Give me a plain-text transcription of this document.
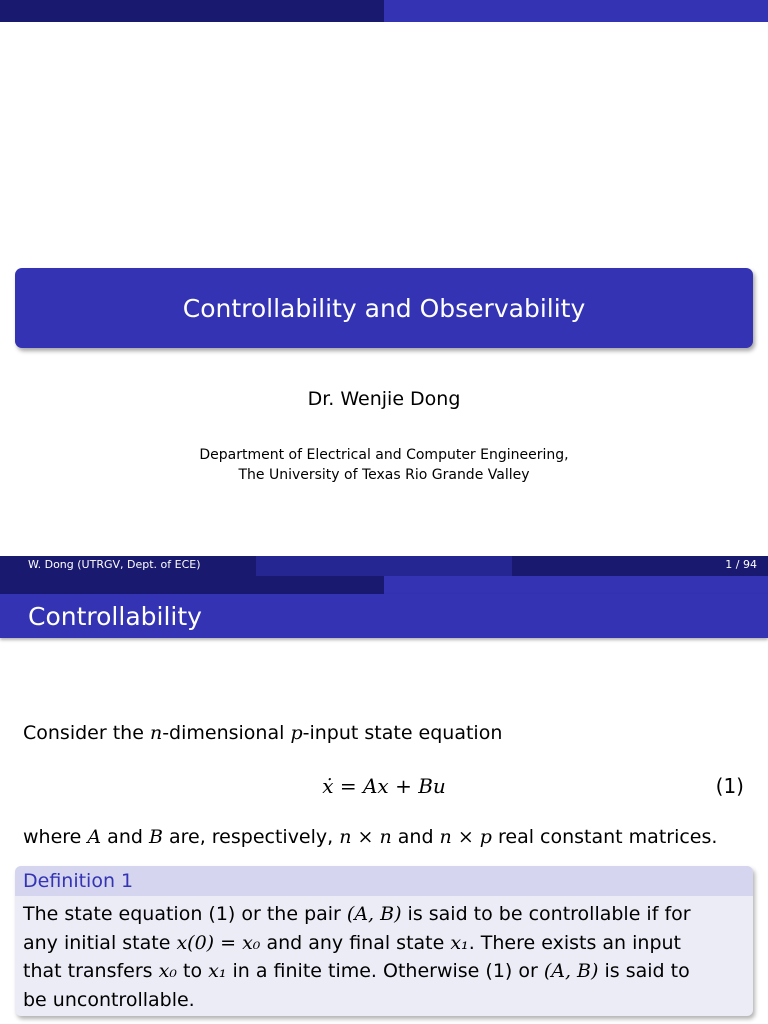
Controllability and Observability
Dr. Wenjie Dong
Department of Electrical and Computer Engineering,
The University of Texas Rio Grande Valley
W. Dong (UTRGV, Dept. of ECE)	1 / 94
Controllability
Consider the n-dimensional p-input state equation
ẋ = Ax + Bu	(1)
where A and B are, respectively, n × n and n × p real constant matrices.
Definition 1
The state equation (1) or the pair (A, B) is said to be controllable if for
any initial state x(0) = x₀ and any final state x₁. There exists an input
that transfers x₀ to x₁ in a finite time. Otherwise (1) or (A, B) is said to
be uncontrollable.
